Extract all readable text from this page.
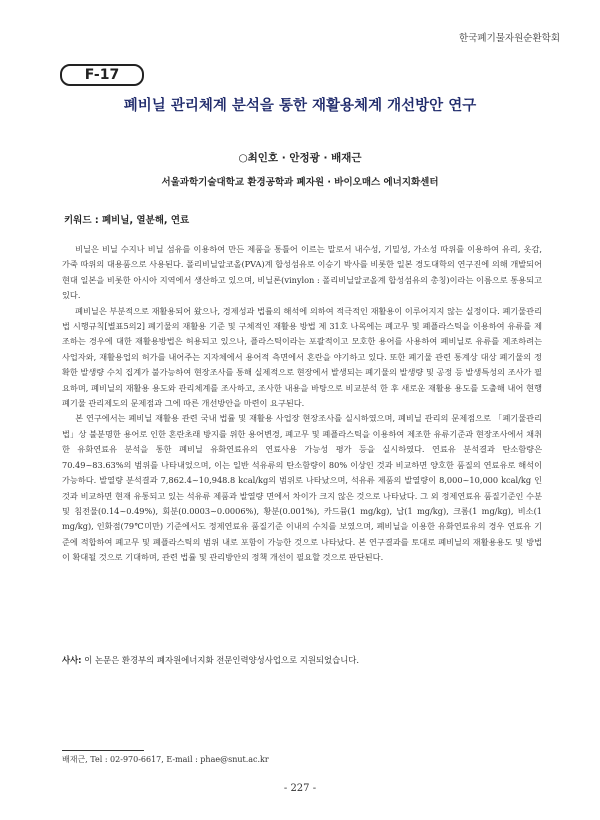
한국폐기물자원순환학회
F-17
폐비닐 관리체계 분석을 통한 재활용체계 개선방안 연구
○최인호 · 안정광 · 배재근
서울과학기술대학교 환경공학과 폐자원 · 바이오매스 에너지화센터
키워드 : 폐비닐, 열분해, 연료

비닐은 비닐 수지나 비닐 섬유를 이용하여 만든 제품을 통틀어 이르는 말로서 내수성, 기밀성, 가소성 따위를 이용하여 유리, 옷감, 가죽 따위의 대용품으로 사용된다. 폴리비닐알코올(PVA)계 합성섬유로 이승기 박사를 비롯한 일본 경도대학의 연구진에 의해 개발되어 현대 일본을 비롯한 아시아 지역에서 생산하고 있으며, 비닐론(vinylon : 폴리비닐알코올계 합성섬유의 총칭)이라는 이름으로 통용되고 있다.

폐비닐은 부분적으로 재활용되어 왔으나, 경제성과 법률의 해석에 의하여 적극적인 재활용이 이루어지지 않는 실정이다. 폐기물관리법 시행규칙[별표5의2] 폐기물의 재활용 기준 및 구체적인 재활용 방법 제 31호 나목에는 폐고무 및 폐플라스틱을 이용하여 유류를 제조하는 경우에 대한 재활용방법은 허용되고 있으나, 플라스틱이라는 포괄적이고 모호한 용어를 사용하여 폐비닐로 유류를 제조하려는 사업자와, 재활용업의 허가를 내어주는 지자체에서 용어적 측면에서 혼란을 야기하고 있다. 또한 폐기물 관련 통계상 대상 폐기물의 정확한 발생량 수치 집계가 불가능하여 현장조사를 통해 실제적으로 현장에서 발생되는 폐기물의 발생량 및 공정 등 발생특성의 조사가 필요하며, 폐비닐의 재활용 용도와 관리체계를 조사하고, 조사한 내용을 바탕으로 비교분석 한 후 새로운 재활용 용도를 도출해 내어 현행 폐기물 관리제도의 문제점과 그에 따른 개선방안을 마련이 요구된다.

본 연구에서는 폐비닐 재활용 관련 국내 법률 및 재활용 사업장 현장조사를 실시하였으며, 폐비닐 관리의 문제점으로 「폐기물관리법」상 불분명한 용어로 인한 혼란초래 방지를 위한 용어변경, 폐고무 및 폐플라스틱을 이용하여 제조한 유류기준과 현장조사에서 채취한 유화연료유 분석을 통한 폐비닐 유화연료유의 연료사용 가능성 평가 등을 실시하였다. 연료유 분석결과 탄소함량은 70.49~83.63%의 범위를 나타내었으며, 이는 일반 석유류의 탄소함량이 80% 이상인 것과 비교하면 양호한 품질의 연료유로 해석이 가능하다. 발열량 분석결과 7,862.4~10,948.8 kcal/kg의 범위로 나타났으며, 석유류 제품의 발열량이 8,000~10,000 kcal/kg 인 것과 비교하면 현재 유통되고 있는 석유류 제품과 발열량 면에서 차이가 크지 않은 것으로 나타났다. 그 외 정제연료유 품질기준인 수분 및 침전물(0.14~0.49%), 회분(0.0003~0.0006%), 황분(0.001%), 카드뮴(1 mg/kg), 납(1 mg/kg), 크롬(1 mg/kg), 비소(1 mg/kg), 인화점(79℃미만) 기준에서도 정제연료유 품질기준 이내의 수치를 보였으며, 폐비닐을 이용한 유화연료유의 경우 연료유 기준에 적합하여 폐고무 및 폐플라스틱의 범위 내로 포함이 가능한 것으로 나타났다. 본 연구결과를 토대로 폐비닐의 재활용용도 및 방법이 확대될 것으로 기대하며, 관련 법률 및 관리방안의 정책 개선이 필요할 것으로 판단된다.

사사: 이 논문은 환경부의 폐자원에너지화 전문인력양성사업으로 지원되었습니다.
배재근, Tel : 02-970-6617, E-mail : phae@snut.ac.kr
- 227 -
